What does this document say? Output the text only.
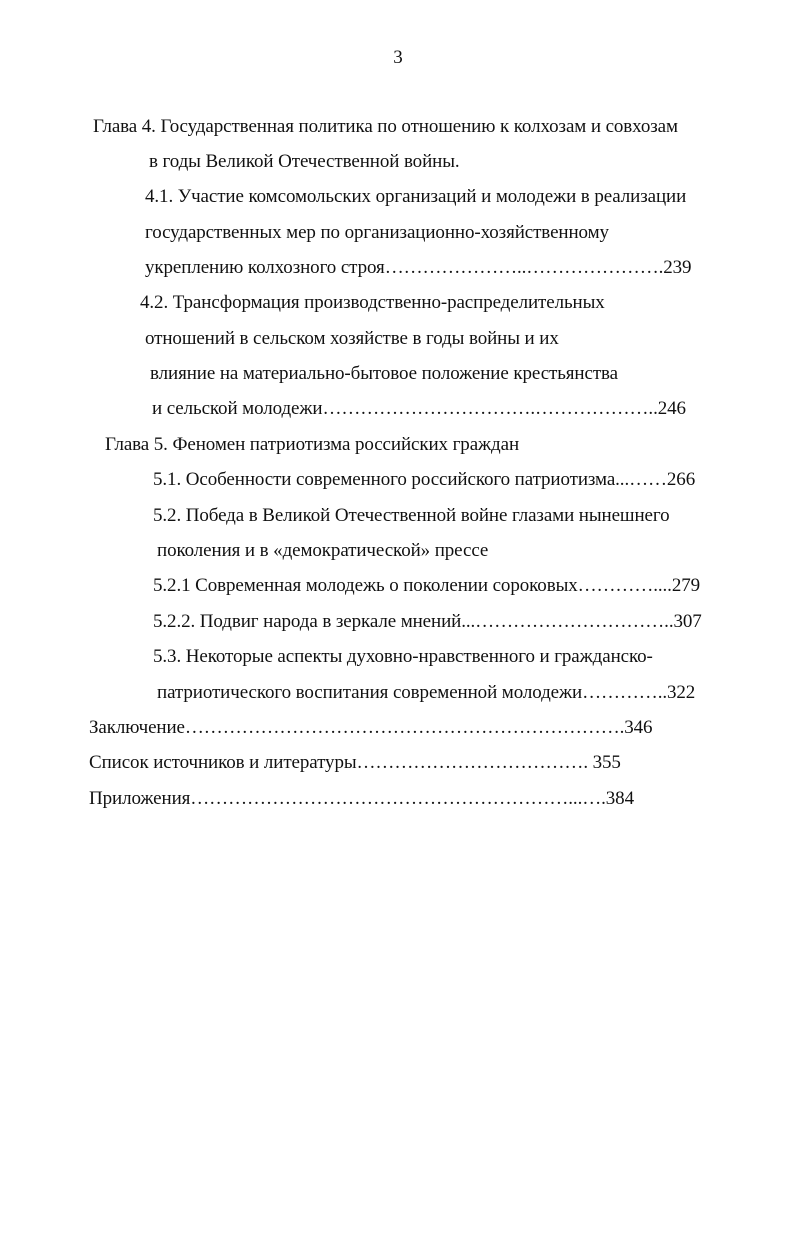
3
Глава 4. Государственная политика по отношению к колхозам и совхозам
в годы Великой Отечественной войны.
4.1. Участие комсомольских организаций и молодежи в реализации
государственных мер по организационно-хозяйственному
укреплению колхозного строя…………………..………………….239
4.2. Трансформация производственно-распределительных
отношений в сельском хозяйстве в годы войны и их
влияние на материально-бытовое положение крестьянства
и сельской молодежи…………………………….………………..246
Глава 5. Феномен патриотизма российских граждан
5.1. Особенности современного российского патриотизма...……266
5.2. Победа в Великой Отечественной войне глазами нынешнего
поколения и в «демократической» прессе
5.2.1 Современная молодежь о поколении сороковых…………....279
5.2.2. Подвиг народа в зеркале мнений...…………………………..307
5.3. Некоторые аспекты духовно-нравственного и гражданско-
патриотического воспитания современной молодежи…………..322
Заключение…………………………………………………………….346
Список источников и литературы………………………………. 355
Приложения……………………………………………………...….384
